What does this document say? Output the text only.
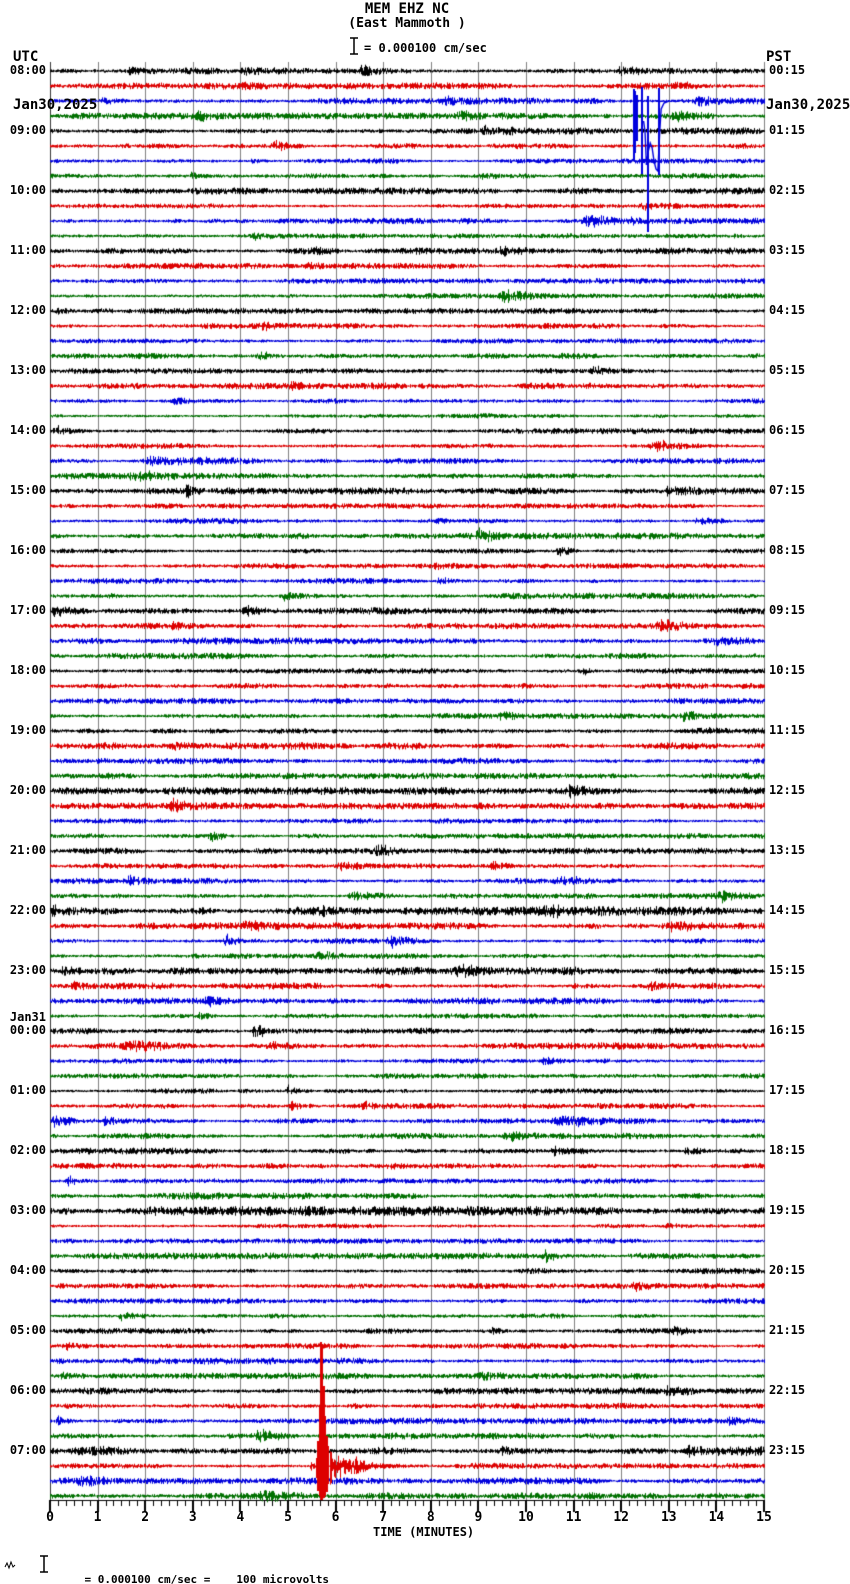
UTC

Jan30,2025

PST

Jan30,2025

MEM EHZ NC
(East Mammoth )
= 0.000100 cm/sec
08:00
09:00
10:00
11:00
12:00
13:00
14:00
15:00
16:00
17:00
18:00
19:00
20:00
21:00
22:00
23:00
00:00
01:00
02:00
03:00
04:00
05:00
06:00
07:00
Jan31
00:15
01:15
02:15
03:15
04:15
05:15
06:15
07:15
08:15
09:15
10:15
11:15
12:15
13:15
14:15
15:15
16:15
17:15
18:15
19:15
20:15
21:15
22:15
23:15
0	1	2	3	4	5	6	7	8	9	10	11	12	13	14	15
TIME (MINUTES)

= 0.000100 cm/sec = 100 microvolts
